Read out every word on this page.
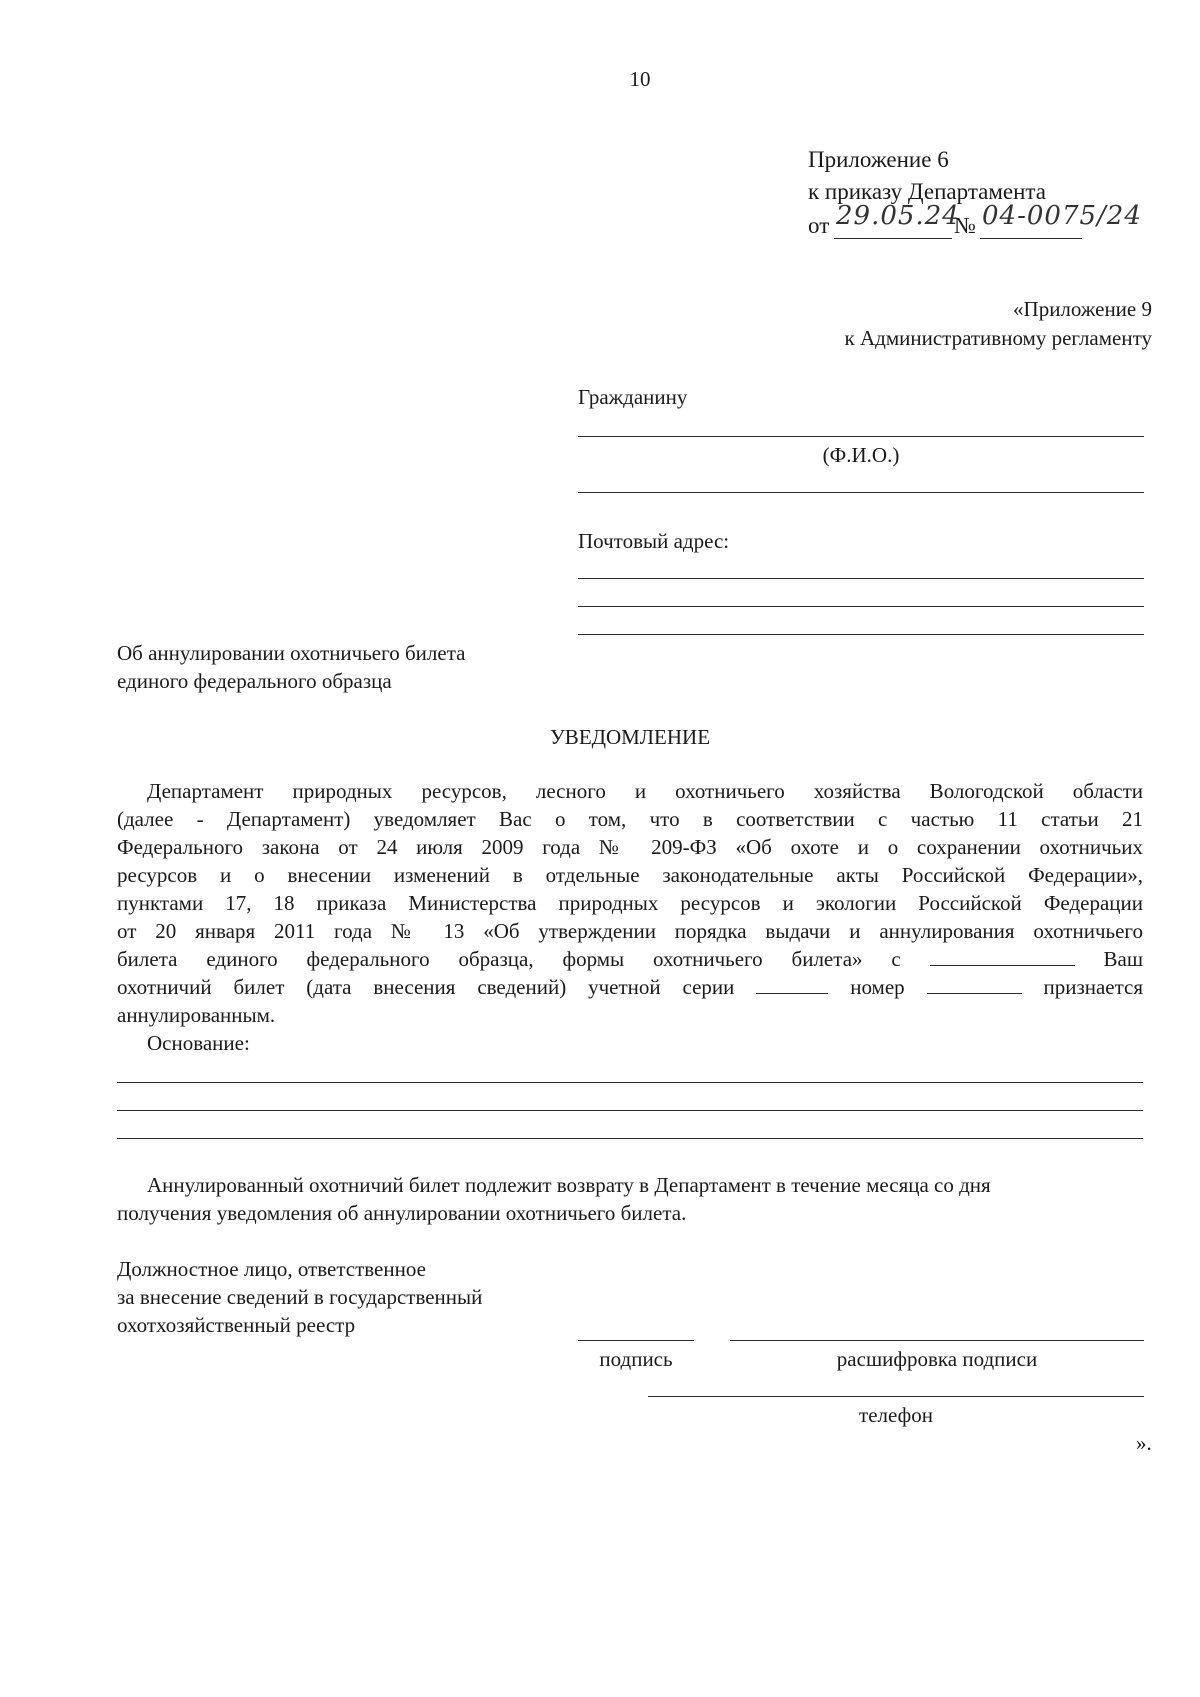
10
Приложение 6
к приказу Департамента
от 29.05.24
№ 04-0075/24
«Приложение 9
к Административному регламенту
Гражданину
(Ф.И.О.)
Почтовый адрес:
Об аннулировании охотничьего билета
единого федерального образца
УВЕДОМЛЕНИЕ
Департамент природных ресурсов, лесного и охотничьего хозяйства Вологодской области
(далее - Департамент) уведомляет Вас о том, что в соответствии с частью 11 статьи 21
Федерального закона от 24 июля 2009 года № 209-ФЗ «Об охоте и о сохранении охотничьих
ресурсов и о внесении изменений в отдельные законодательные акты Российской Федерации»,
пунктами 17, 18 приказа Министерства природных ресурсов и экологии Российской Федерации
от 20 января 2011 года № 13 «Об утверждении порядка выдачи и аннулирования охотничьего
билета единого федерального образца, формы охотничьего билета» с	Ваш
охотничий билет (дата внесения сведений) учетной серии	номер	признается
аннулированным.
Основание:
Аннулированный охотничий билет подлежит возврату в Департамент в течение месяца со дня
получения уведомления об аннулировании охотничьего билета.
Должностное лицо, ответственное
за внесение сведений в государственный
охотхозяйственный реестр
подпись	расшифровка подписи
телефон
».
